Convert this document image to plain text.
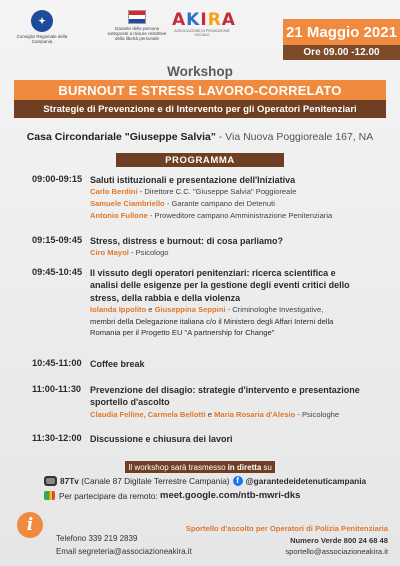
✦
Consiglio Regionale della Campania
Garante delle persone sottoposte a misure restrittive della libertà personale
AKIRA
ASSOCIAZIONE DI PROMOZIONE SOCIALE	21 Maggio 2021
Ore 09.00 -12.00
Workshop
BURNOUT E STRESS LAVORO-CORRELATO
Strategie di Prevenzione e di Intervento per gli Operatori Penitenziari
Casa Circondariale "Giuseppe Salvia" - Via Nuova Poggioreale 167, NA
PROGRAMMA
09:00-09:15 Saluti istituzionali e presentazione dell'Iniziativa
Carlo Berdini - Direttore C.C. "Giuseppe Salvia" Poggioreale
Samuele Ciambriello - Garante campano dei Detenuti
Antonio Fullone - Proweditore campano Amministrazione Penitenziaria
09:15-09:45 Stress, distress e burnout: di cosa parliamo?
Ciro Mayol - Psicologo
09:45-10:45 Il vissuto degli operatori penitenziari: ricerca scientifica e
analisi delle esigenze per la gestione degli eventi critici dello
stress, della rabbia e della violenza
Iolanda Ippolito e Giuseppina Seppini - Criminologhe Investigative,
membri della Delegazione italiana c/o il Ministero degli Affari Interni della
Romania per il Progetto EU "A partnership for Change"
10:45-11:00 Coffee break
11:00-11:30 Prevenzione del disagio: strategie d'intervento e presentazione
sportello d'ascolto
Claudia Felline, Carmela Bellotti e Maria Rosaria d'Alesio - Psicologhe
11:30-12:00 Discussione e chiusura dei lavori
Il workshop sarà trasmesso in diretta su
87Tv
(Canale 87 Digitale Terrestre Campania) f @garantedeidetenuticampania
Per partecipare da remoto:
meet.google.com/ntb-mwri-dks
i
Telefono 339 219 2839
Email segreteria@associazioneakira.it
Sportello d'ascolto per Operatori di Polizia Penitenziaria
Numero Verde 800 24 68 48
sportello@associazioneakira.it
